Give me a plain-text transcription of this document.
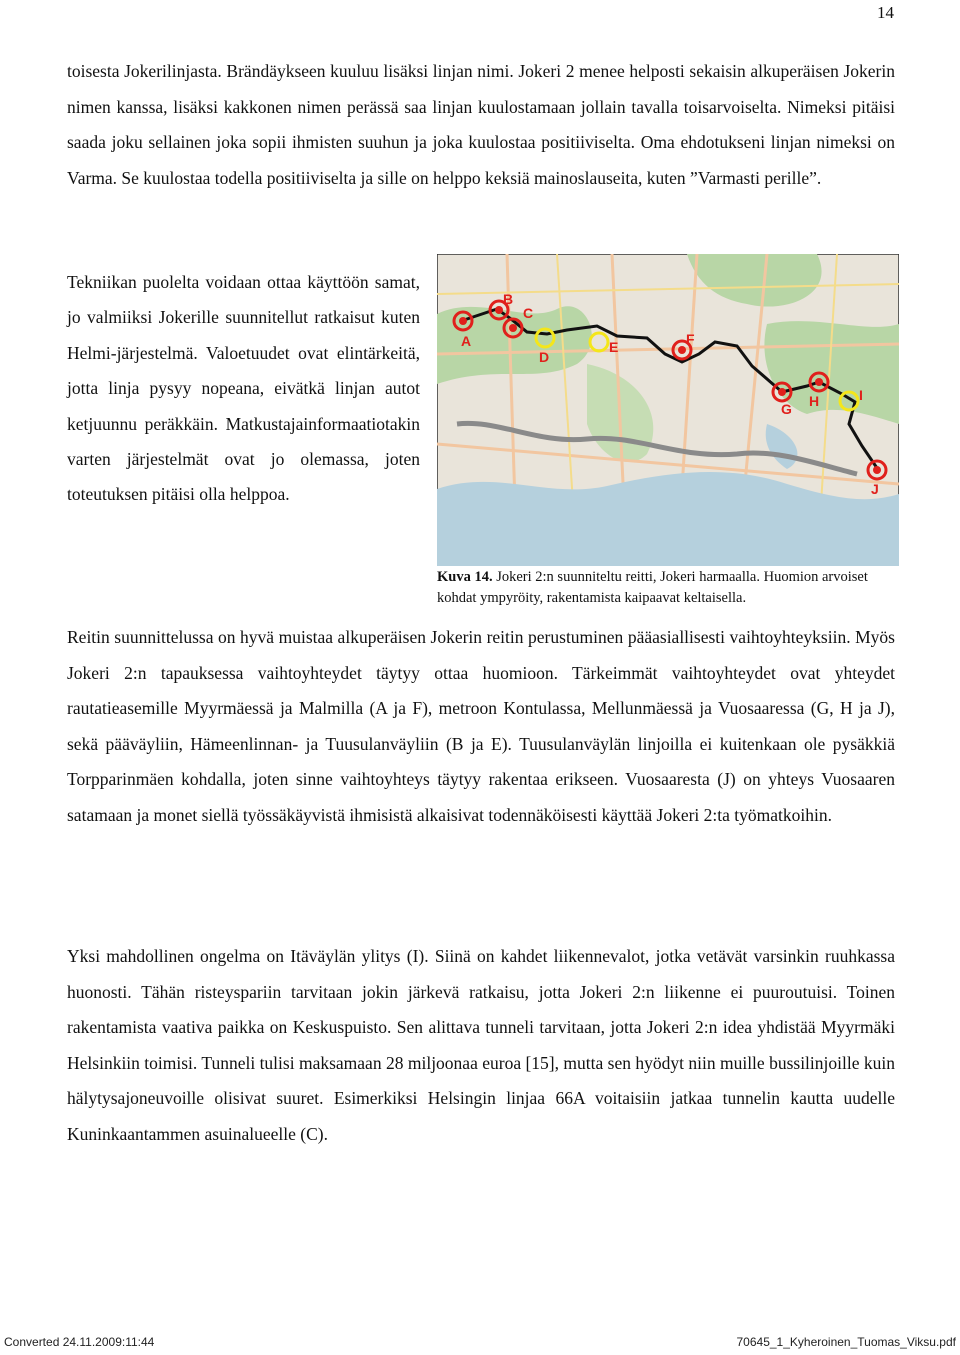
14
toisesta Jokerilinjasta. Brändäykseen kuuluu lisäksi linjan nimi. Jokeri 2 menee helposti sekaisin alkuperäisen Jokerin nimen kanssa, lisäksi kakkonen nimen perässä saa linjan kuulostamaan jollain tavalla toisarvoiselta. Nimeksi pitäisi saada joku sellainen joka sopii ihmisten suuhun ja joka kuulostaa positiiviselta. Oma ehdotukseni linjan nimeksi on Varma. Se kuulostaa todella positiiviselta ja sille on helppo keksiä mainoslauseita, kuten ”Varmasti perille”.
Tekniikan puolelta voidaan ottaa käyttöön samat, jo valmiiksi Jokerille suunnitellut ratkaisut kuten Helmi-järjestelmä. Valoetuudet ovat elintärkeitä, jotta linja pysyy nopeana, eivätkä linjan autot ketjuunnu peräkkäin. Matkustajainformaatiotakin varten järjestelmät ovat jo olemassa, joten toteutuksen pitäisi olla helppoa.
A
B
C
D
E	F
G H	I
J
Kuva 14. Jokeri 2:n suunniteltu reitti, Jokeri harmaalla. Huomion arvoiset kohdat ympyröity, rakentamista kaipaavat keltaisella.
Reitin suunnittelussa on hyvä muistaa alkuperäisen Jokerin reitin perustuminen pääasiallisesti vaihtoyhteyksiin. Myös Jokeri 2:n tapauksessa vaihtoyhteydet täytyy ottaa huomioon. Tärkeimmät vaihtoyhteydet ovat yhteydet rautatieasemille Myyrmäessä ja Malmilla (A ja F), metroon Kontulassa, Mellunmäessä ja Vuosaaressa (G, H ja J), sekä pääväyliin, Hämeenlinnan- ja Tuusulanväyliin (B ja E). Tuusulanväylän linjoilla ei kuitenkaan ole pysäkkiä Torpparinmäen kohdalla, joten sinne vaihtoyhteys täytyy rakentaa erikseen. Vuosaaresta (J) on yhteys Vuosaaren satamaan ja monet siellä työssäkäyvistä ihmisistä alkaisivat todennäköisesti käyttää Jokeri 2:ta työmatkoihin.
Yksi mahdollinen ongelma on Itäväylän ylitys (I). Siinä on kahdet liikennevalot, jotka vetävät varsinkin ruuhkassa huonosti. Tähän risteyspariin tarvitaan jokin järkevä ratkaisu, jotta Jokeri 2:n liikenne ei puuroutuisi. Toinen rakentamista vaativa paikka on Keskuspuisto. Sen alittava tunneli tarvitaan, jotta Jokeri 2:n idea yhdistää Myyrmäki Helsinkiin toimisi. Tunneli tulisi maksamaan 28 miljoonaa euroa [15], mutta sen hyödyt niin muille bussilinjoille kuin hälytysajoneuvoille olisivat suuret. Esimerkiksi Helsingin linjaa 66A voitaisiin jatkaa tunnelin kautta uudelle Kuninkaantammen asuinalueelle (C).
Converted 24.11.2009:11:44	70645_1_Kyheroinen_Tuomas_Viksu.pdf
